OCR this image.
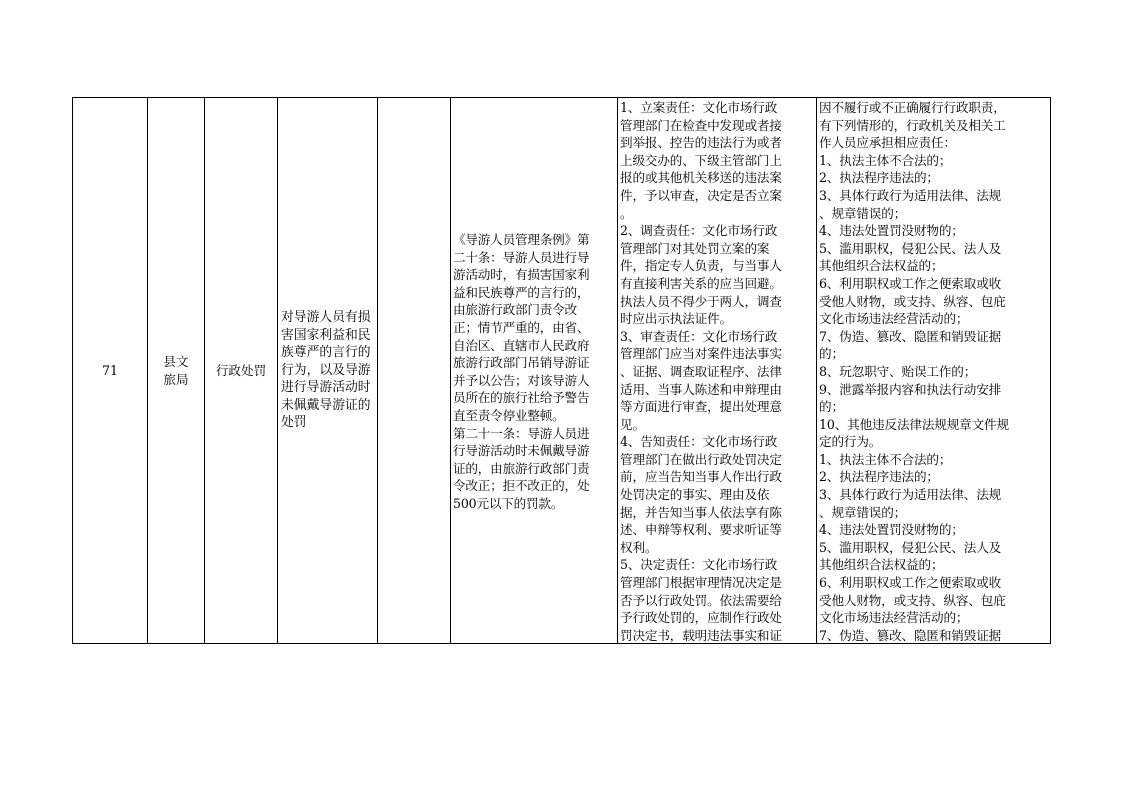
71
县文旅局
行政处罚
对导游人员有损害国家利益和民族尊严的言行的行为，以及导游进行导游活动时未佩戴导游证的处罚
《导游人员管理条例》第
二十条：导游人员进行导
游活动时，有损害国家利
益和民族尊严的言行的，
由旅游行政部门责令改
正；情节严重的，由省、
自治区、直辖市人民政府
旅游行政部门吊销导游证
并予以公告；对该导游人
员所在的旅行社给予警告
直至责令停业整顿。
第二十一条：导游人员进
行导游活动时未佩戴导游
证的，由旅游行政部门责
令改正；拒不改正的，处
500元以下的罚款。
1、立案责任：文化市场行政
管理部门在检查中发现或者接
到举报、控告的违法行为或者
上级交办的、下级主管部门上
报的或其他机关移送的违法案
件，予以审查，决定是否立案
。
2、调查责任：文化市场行政
管理部门对其处罚立案的案
件，指定专人负责，与当事人
有直接利害关系的应当回避。
执法人员不得少于两人，调查
时应出示执法证件。
3、审查责任：文化市场行政
管理部门应当对案件违法事实
、证据、调查取证程序、法律
适用、当事人陈述和申辩理由
等方面进行审查，提出处理意
见。
4、告知责任：文化市场行政
管理部门在做出行政处罚决定
前，应当告知当事人作出行政
处罚决定的事实、理由及依
据，并告知当事人依法享有陈
述、申辩等权利、要求听证等
权利。
5、决定责任：文化市场行政
管理部门根据审理情况决定是
否予以行政处罚。依法需要给
予行政处罚的，应制作行政处
罚决定书，载明违法事实和证
因不履行或不正确履行行政职责，
有下列情形的，行政机关及相关工
作人员应承担相应责任：
1、执法主体不合法的；
2、执法程序违法的；
3、具体行政行为适用法律、法规
、规章错误的；
4、违法处置罚没财物的；
5、滥用职权，侵犯公民、法人及
其他组织合法权益的；
6、利用职权或工作之便索取或收
受他人财物，或支持、纵容、包庇
文化市场违法经营活动的；
7、伪造、篡改、隐匿和销毁证据
的；
8、玩忽职守、贻误工作的；
9、泄露举报内容和执法行动安排
的；
10、其他违反法律法规规章文件规
定的行为。
1、执法主体不合法的；
2、执法程序违法的；
3、具体行政行为适用法律、法规
、规章错误的；
4、违法处置罚没财物的；
5、滥用职权，侵犯公民、法人及
其他组织合法权益的；
6、利用职权或工作之便索取或收
受他人财物，或支持、纵容、包庇
文化市场违法经营活动的；
7、伪造、篡改、隐匿和销毁证据
